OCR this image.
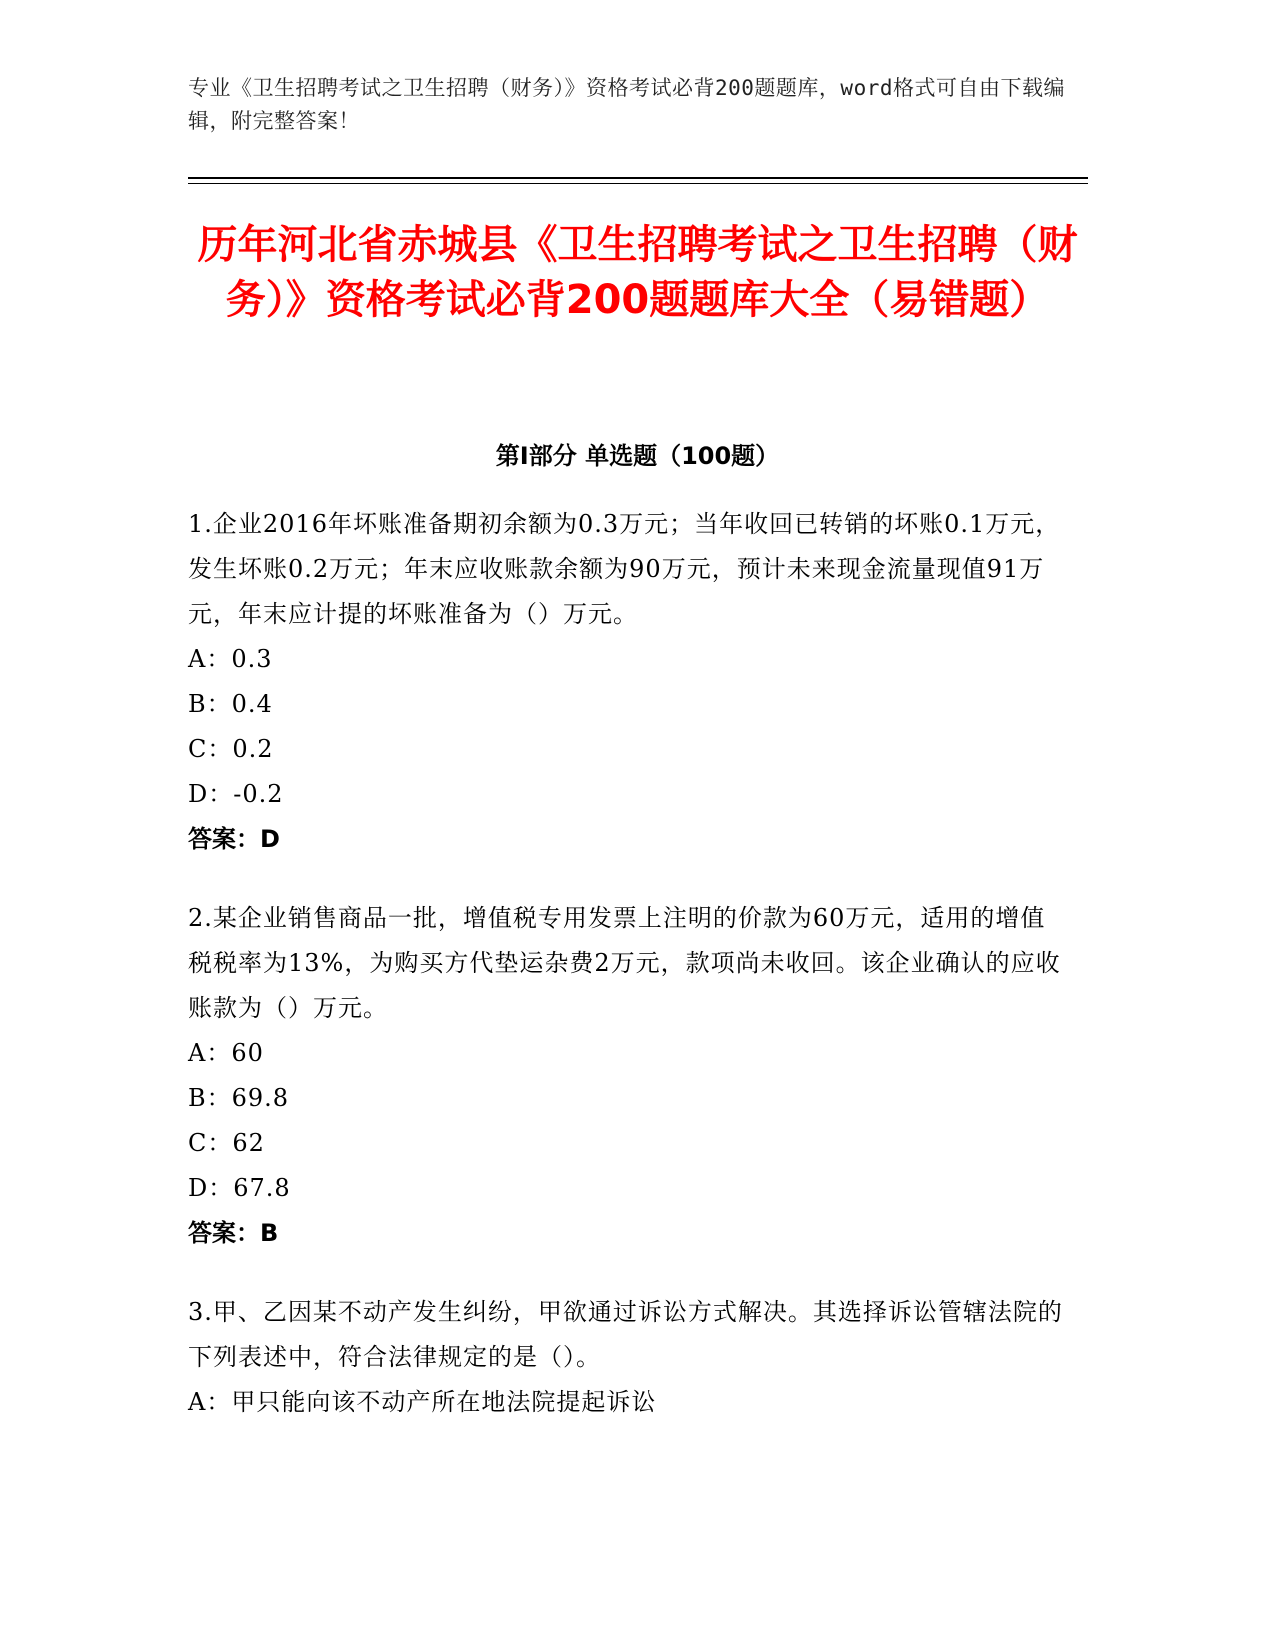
专业《卫生招聘考试之卫生招聘（财务）》资格考试必背200题题库，word格式可自由下载编辑，附完整答案！
历年河北省赤城县《卫生招聘考试之卫生招聘（财务）》资格考试必背200题题库大全（易错题）
第Ⅰ部分 单选题（100题）

1.企业2016年坏账准备期初余额为0.3万元；当年收回已转销的坏账0.1万元，发生坏账0.2万元；年末应收账款余额为90万元，预计未来现金流量现值91万元，年末应计提的坏账准备为（）万元。

A：0.3

B：0.4

C：0.2

D：-0.2

答案：D

2.某企业销售商品一批，增值税专用发票上注明的价款为60万元，适用的增值税税率为13%，为购买方代垫运杂费2万元，款项尚未收回。该企业确认的应收账款为（）万元。

A：60

B：69.8

C：62

D：67.8

答案：B

3.甲、乙因某不动产发生纠纷，甲欲通过诉讼方式解决。其选择诉讼管辖法院的下列表述中，符合法律规定的是（）。

A：甲只能向该不动产所在地法院提起诉讼
